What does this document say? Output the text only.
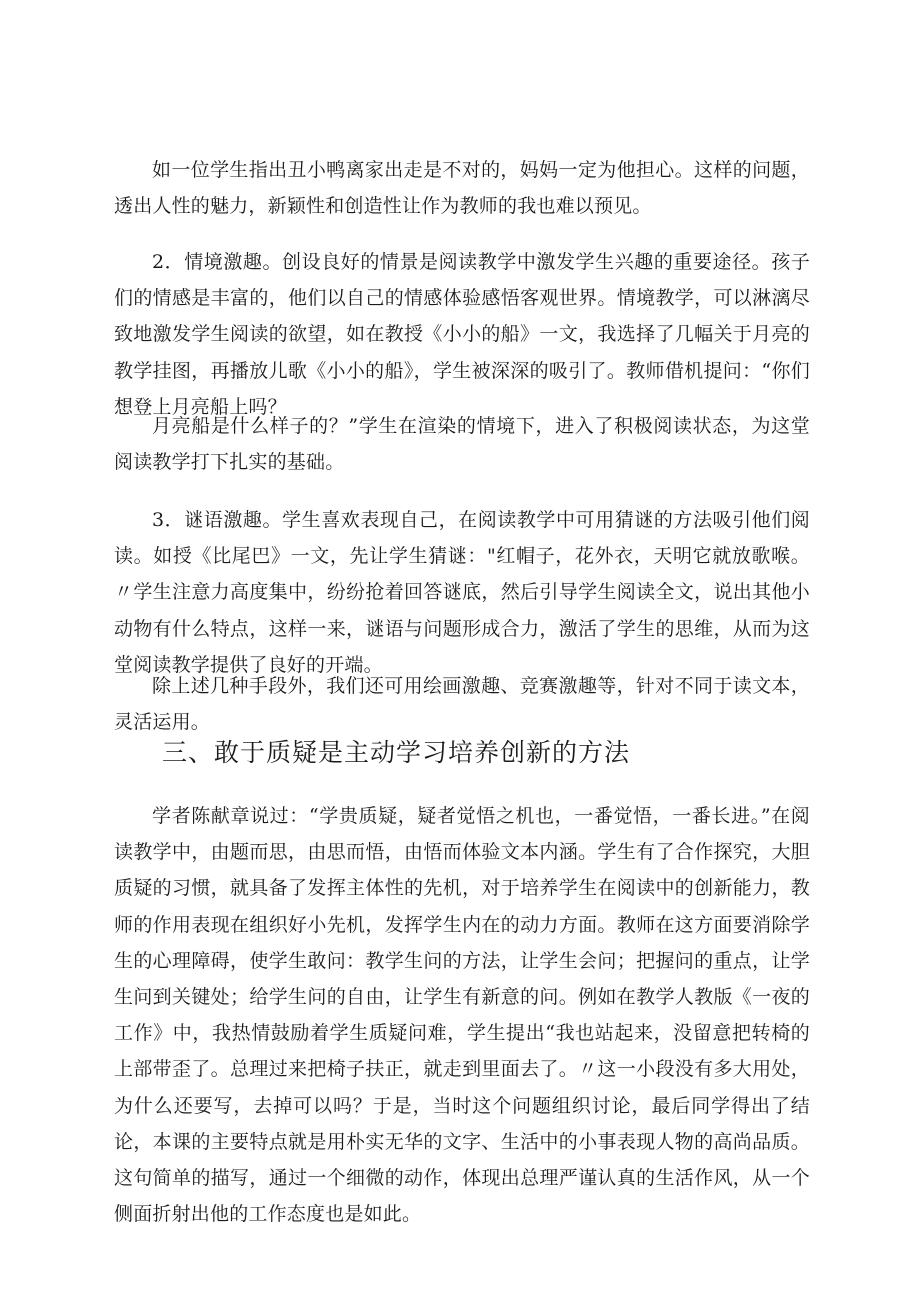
如一位学生指出丑小鸭离家出走是不对的，妈妈一定为他担心。这样的问题，透出人性的魅力，新颖性和创造性让作为教师的我也难以预见。

2．情境激趣。创设良好的情景是阅读教学中激发学生兴趣的重要途径。孩子们的情感是丰富的，他们以自己的情感体验感悟客观世界。情境教学，可以淋漓尽致地激发学生阅读的欲望，如在教授《小小的船》一文，我选择了几幅关于月亮的教学挂图，再播放儿歌《小小的船》，学生被深深的吸引了。教师借机提问：“你们想登上月亮船上吗？

月亮船是什么样子的？”学生在渲染的情境下，进入了积极阅读状态，为这堂阅读教学打下扎实的基础。

3．谜语激趣。学生喜欢表现自己，在阅读教学中可用猜谜的方法吸引他们阅读。如授《比尾巴》一文，先让学生猜谜："红帽子，花外衣，天明它就放歌喉。〃学生注意力高度集中，纷纷抢着回答谜底，然后引导学生阅读全文，说出其他小动物有什么特点，这样一来，谜语与问题形成合力，激活了学生的思维，从而为这堂阅读教学提供了良好的开端。

除上述几种手段外，我们还可用绘画激趣、竞赛激趣等，针对不同于读文本，灵活运用。

三、敢于质疑是主动学习培养创新的方法

学者陈献章说过：“学贵质疑，疑者觉悟之机也，一番觉悟，一番长进。”在阅读教学中，由题而思，由思而悟，由悟而体验文本内涵。学生有了合作探究，大胆质疑的习惯，就具备了发挥主体性的先机，对于培养学生在阅读中的创新能力，教师的作用表现在组织好小先机，发挥学生内在的动力方面。教师在这方面要消除学生的心理障碍，使学生敢问：教学生问的方法，让学生会问；把握问的重点，让学生问到关键处；给学生问的自由，让学生有新意的问。例如在教学人教版《一夜的工作》中，我热情鼓励着学生质疑问难，学生提出“我也站起来，没留意把转椅的上部带歪了。总理过来把椅子扶正，就走到里面去了。〃这一小段没有多大用处，为什么还要写，去掉可以吗？于是，当时这个问题组织讨论，最后同学得出了结论，本课的主要特点就是用朴实无华的文字、生活中的小事表现人物的高尚品质。这句简单的描写，通过一个细微的动作，体现出总理严谨认真的生活作风，从一个侧面折射出他的工作态度也是如此。
